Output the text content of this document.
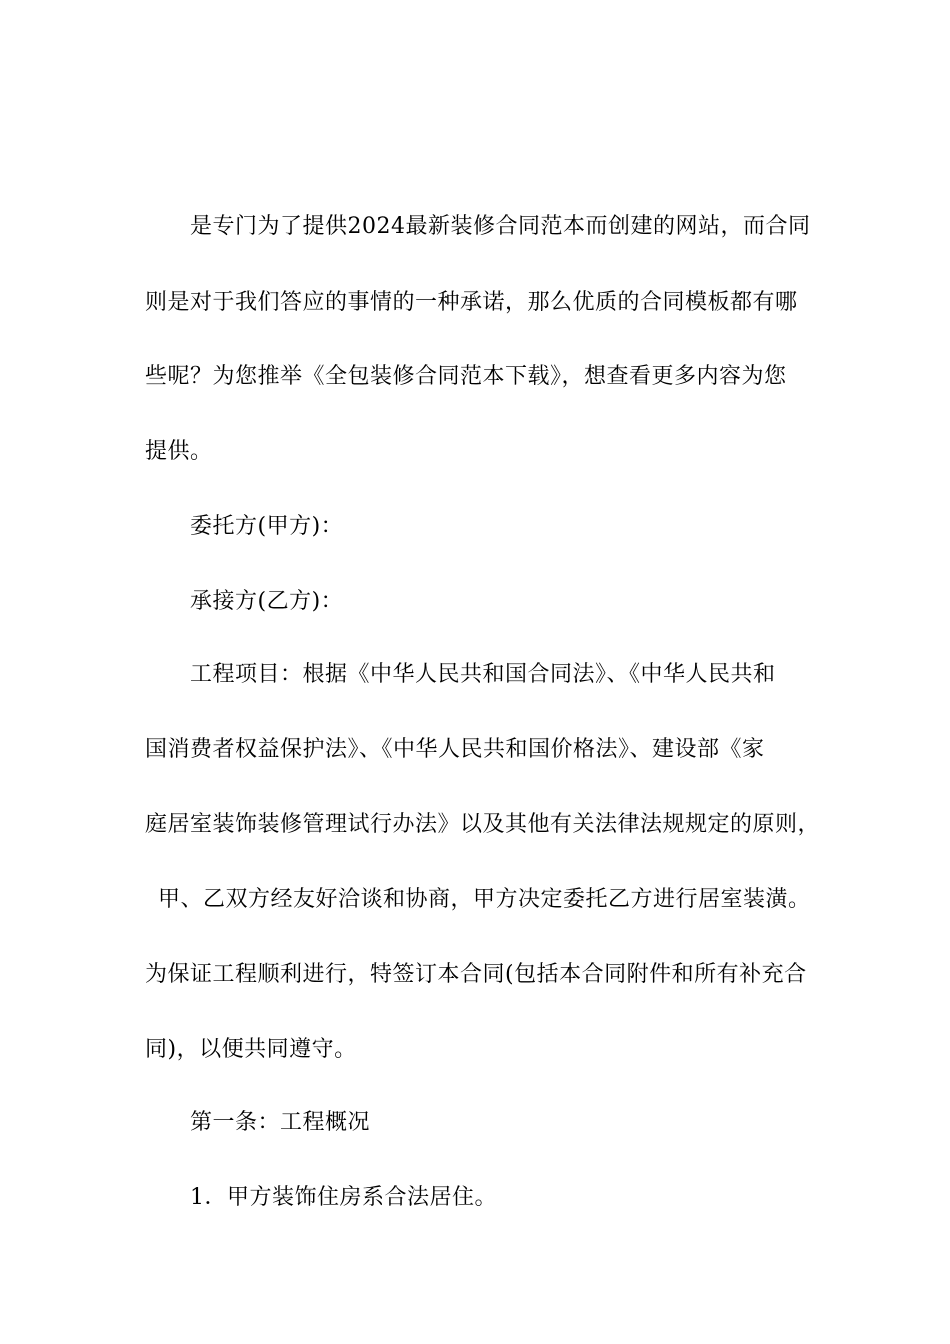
是专门为了提供2024最新装修合同范本而创建的网站，而合同
则是对于我们答应的事情的一种承诺，那么优质的合同模板都有哪
些呢？为您推举《全包装修合同范本下载》，想查看更多内容为您
提供。
委托方(甲方)：
承接方(乙方)：
工程项目：根据《中华人民共和国合同法》、《中华人民共和
国消费者权益保护法》、《中华人民共和国价格法》、建设部《家
庭居室装饰装修管理试行办法》以及其他有关法律法规规定的原则，
甲、乙双方经友好洽谈和协商，甲方决定委托乙方进行居室装潢。
为保证工程顺利进行，特签订本合同(包括本合同附件和所有补充合
同)，以便共同遵守。
第一条：工程概况
1．甲方装饰住房系合法居住。
